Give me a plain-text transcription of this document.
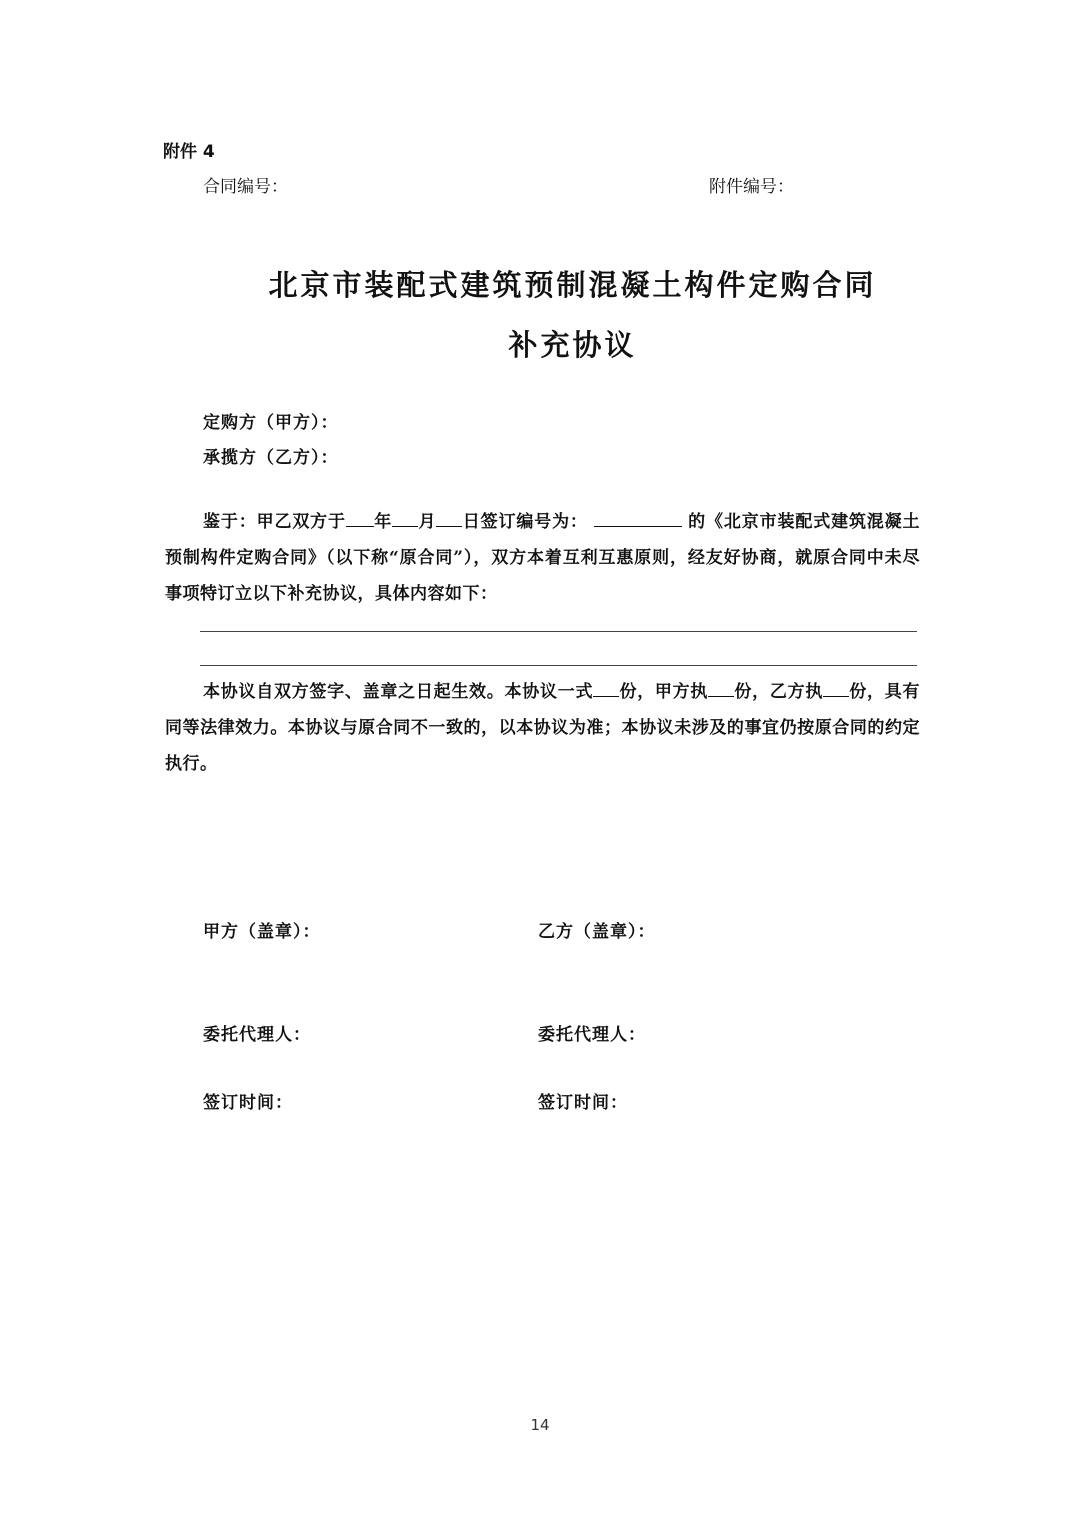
附件 4
合同编号：	附件编号：
北京市装配式建筑预制混凝土构件定购合同
补充协议
定购方（甲方）：
承揽方（乙方）：
鉴于：甲乙双方于 年 月 日签订编号为：	的《北京市装配式建筑混凝土预制构件定购合同》（以下称“原合同”），双方本着互利互惠原则，经友好协商，就原合同中未尽事项特订立以下补充协议，具体内容如下：
本协议自双方签字、盖章之日起生效。本协议一式 份，甲方执 份，乙方执 份，具有同等法律效力。本协议与原合同不一致的，以本协议为准；本协议未涉及的事宜仍按原合同的约定执行。
甲方（盖章）：	乙方（盖章）：
委托代理人：	委托代理人：
签订时间：	签订时间：
14
